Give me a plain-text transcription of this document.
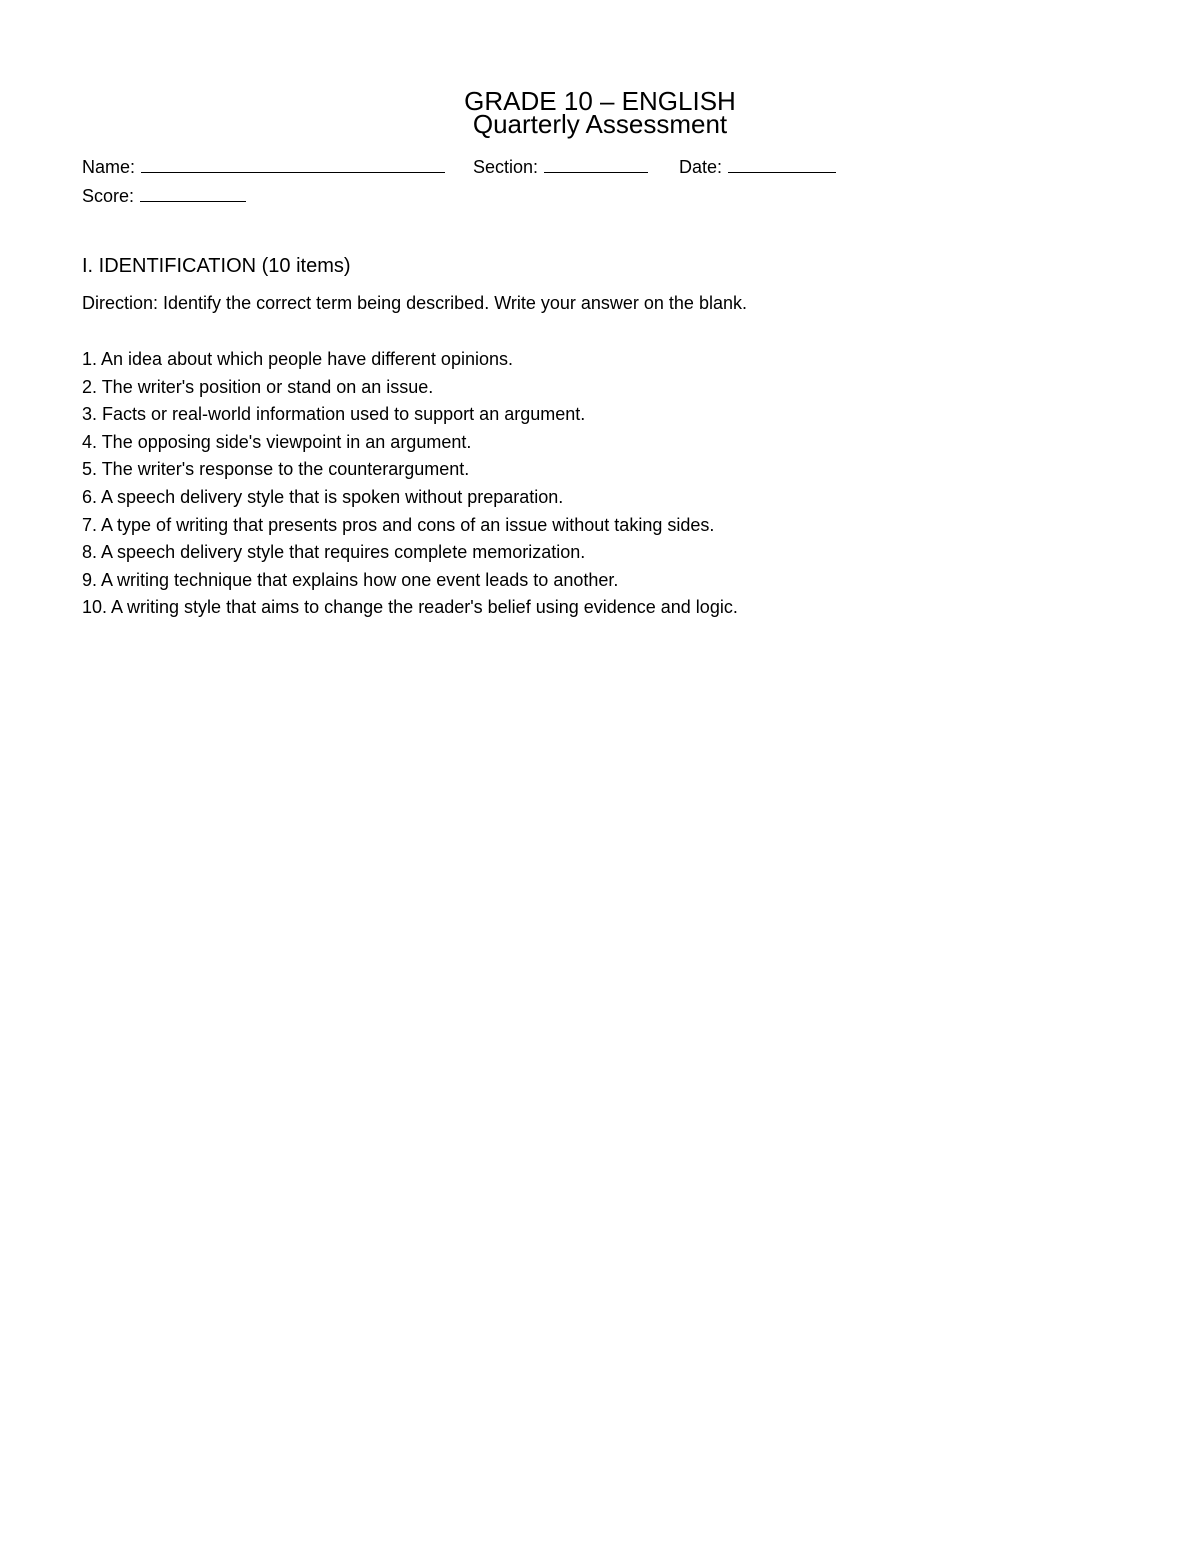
GRADE 10 – ENGLISH
Quarterly Assessment
Name:	Section:	Date:
Score:
I. IDENTIFICATION (10 items)
Direction: Identify the correct term being described. Write your answer on the blank.
1. An idea about which people have different opinions.
2. The writer's position or stand on an issue.
3. Facts or real-world information used to support an argument.
4. The opposing side's viewpoint in an argument.
5. The writer's response to the counterargument.
6. A speech delivery style that is spoken without preparation.
7. A type of writing that presents pros and cons of an issue without taking sides.
8. A speech delivery style that requires complete memorization.
9. A writing technique that explains how one event leads to another.
10. A writing style that aims to change the reader's belief using evidence and logic.
